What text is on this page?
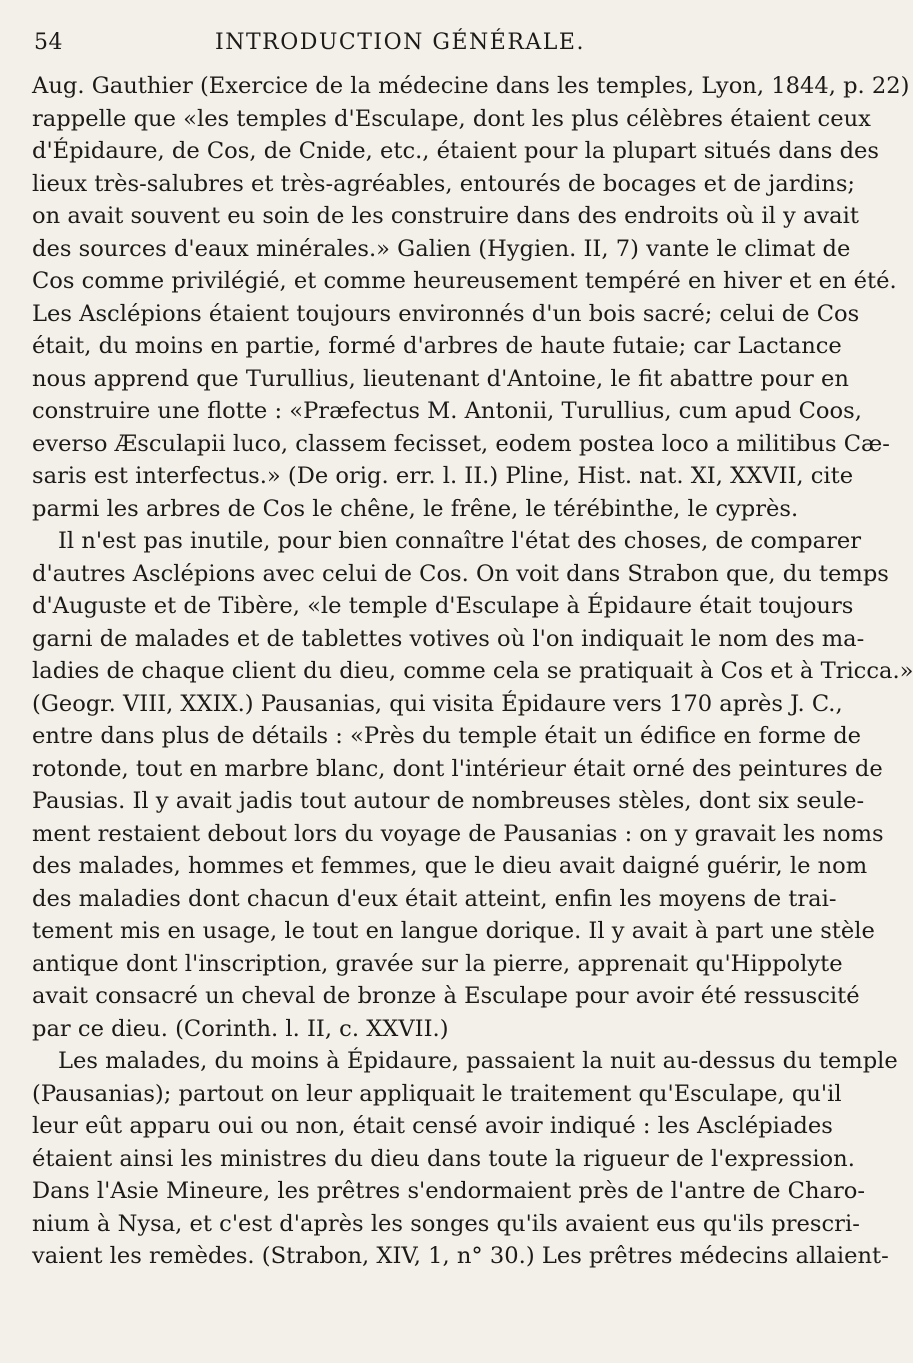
54	INTRODUCTION GÉNÉRALE.
Aug. Gauthier (Exercice de la médecine dans les temples, Lyon, 1844, p. 22)
rappelle que «les temples d'Esculape, dont les plus célèbres étaient ceux
d'Épidaure, de Cos, de Cnide, etc., étaient pour la plupart situés dans des
lieux très-salubres et très-agréables, entourés de bocages et de jardins;
on avait souvent eu soin de les construire dans des endroits où il y avait
des sources d'eaux minérales.» Galien (Hygien. II, 7) vante le climat de
Cos comme privilégié, et comme heureusement tempéré en hiver et en été.
Les Asclépions étaient toujours environnés d'un bois sacré; celui de Cos
était, du moins en partie, formé d'arbres de haute futaie; car Lactance
nous apprend que Turullius, lieutenant d'Antoine, le fit abattre pour en
construire une flotte : «Præfectus M. Antonii, Turullius, cum apud Coos,
everso Æsculapii luco, classem fecisset, eodem postea loco a militibus Cæ-
saris est interfectus.» (De orig. err. l. II.) Pline, Hist. nat. XI, XXVII, cite
parmi les arbres de Cos le chêne, le frêne, le térébinthe, le cyprès.
Il n'est pas inutile, pour bien connaître l'état des choses, de comparer
d'autres Asclépions avec celui de Cos. On voit dans Strabon que, du temps
d'Auguste et de Tibère, «le temple d'Esculape à Épidaure était toujours
garni de malades et de tablettes votives où l'on indiquait le nom des ma-
ladies de chaque client du dieu, comme cela se pratiquait à Cos et à Tricca.»
(Geogr. VIII, XXIX.) Pausanias, qui visita Épidaure vers 170 après J. C.,
entre dans plus de détails : «Près du temple était un édifice en forme de
rotonde, tout en marbre blanc, dont l'intérieur était orné des peintures de
Pausias. Il y avait jadis tout autour de nombreuses stèles, dont six seule-
ment restaient debout lors du voyage de Pausanias : on y gravait les noms
des malades, hommes et femmes, que le dieu avait daigné guérir, le nom
des maladies dont chacun d'eux était atteint, enfin les moyens de trai-
tement mis en usage, le tout en langue dorique. Il y avait à part une stèle
antique dont l'inscription, gravée sur la pierre, apprenait qu'Hippolyte
avait consacré un cheval de bronze à Esculape pour avoir été ressuscité
par ce dieu. (Corinth. l. II, c. XXVII.)
Les malades, du moins à Épidaure, passaient la nuit au-dessus du temple
(Pausanias); partout on leur appliquait le traitement qu'Esculape, qu'il
leur eût apparu oui ou non, était censé avoir indiqué : les Asclépiades
étaient ainsi les ministres du dieu dans toute la rigueur de l'expression.
Dans l'Asie Mineure, les prêtres s'endormaient près de l'antre de Charo-
nium à Nysa, et c'est d'après les songes qu'ils avaient eus qu'ils prescri-
vaient les remèdes. (Strabon, XIV, 1, n° 30.) Les prêtres médecins allaient-
